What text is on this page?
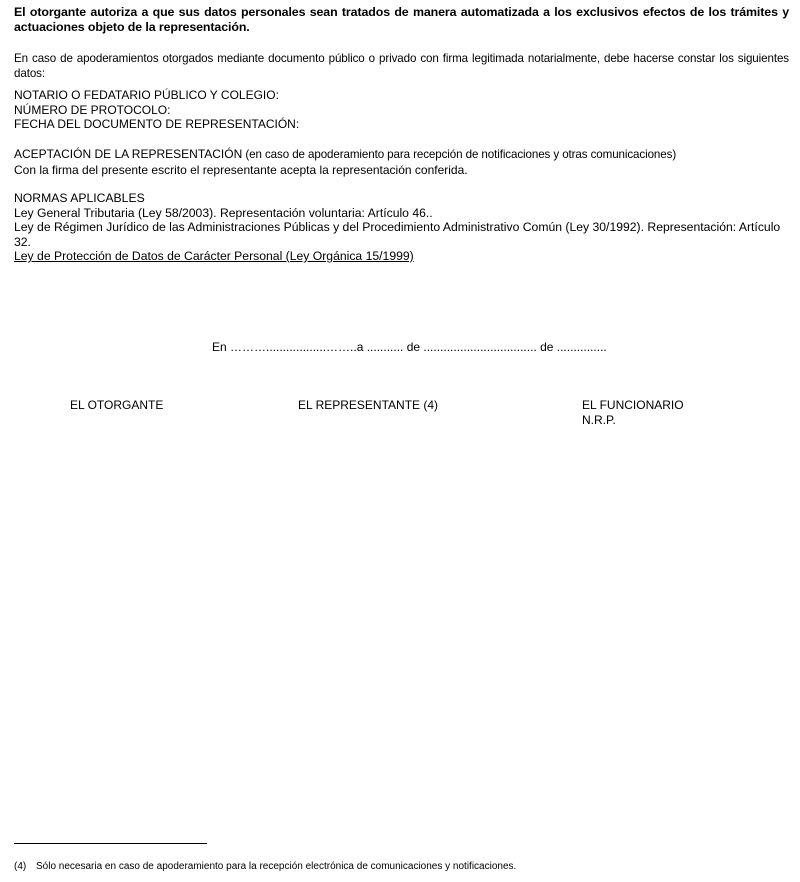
El otorgante autoriza a que sus datos personales sean tratados de manera automatizada a los exclusivos efectos de los trámites y actuaciones objeto de la representación.
En caso de apoderamientos otorgados mediante documento público o privado con firma legitimada notarialmente, debe hacerse constar los siguientes datos:
NOTARIO O FEDATARIO PÚBLICO Y COLEGIO:
NÚMERO DE PROTOCOLO:
FECHA DEL DOCUMENTO DE REPRESENTACIÓN:
ACEPTACIÓN DE LA REPRESENTACIÓN (en caso de apoderamiento para recepción de notificaciones y otras comunicaciones)
Con la firma del presente escrito el representante acepta la representación conferida.
NORMAS APLICABLES
Ley General Tributaria (Ley 58/2003). Representación voluntaria: Artículo 46..
Ley de Régimen Jurídico de las Administraciones Públicas y del Procedimiento Administrativo Común (Ley 30/1992). Representación: Artículo 32.
Ley de Protección de Datos de Carácter Personal (Ley Orgánica 15/1999)
En ………..................……..a ........... de .................................. de ...............
EL OTORGANTE	EL REPRESENTANTE (4)	EL FUNCIONARIO
N.R.P.
(4) Sólo necesaria en caso de apoderamiento para la recepción electrónica de comunicaciones y notificaciones.
